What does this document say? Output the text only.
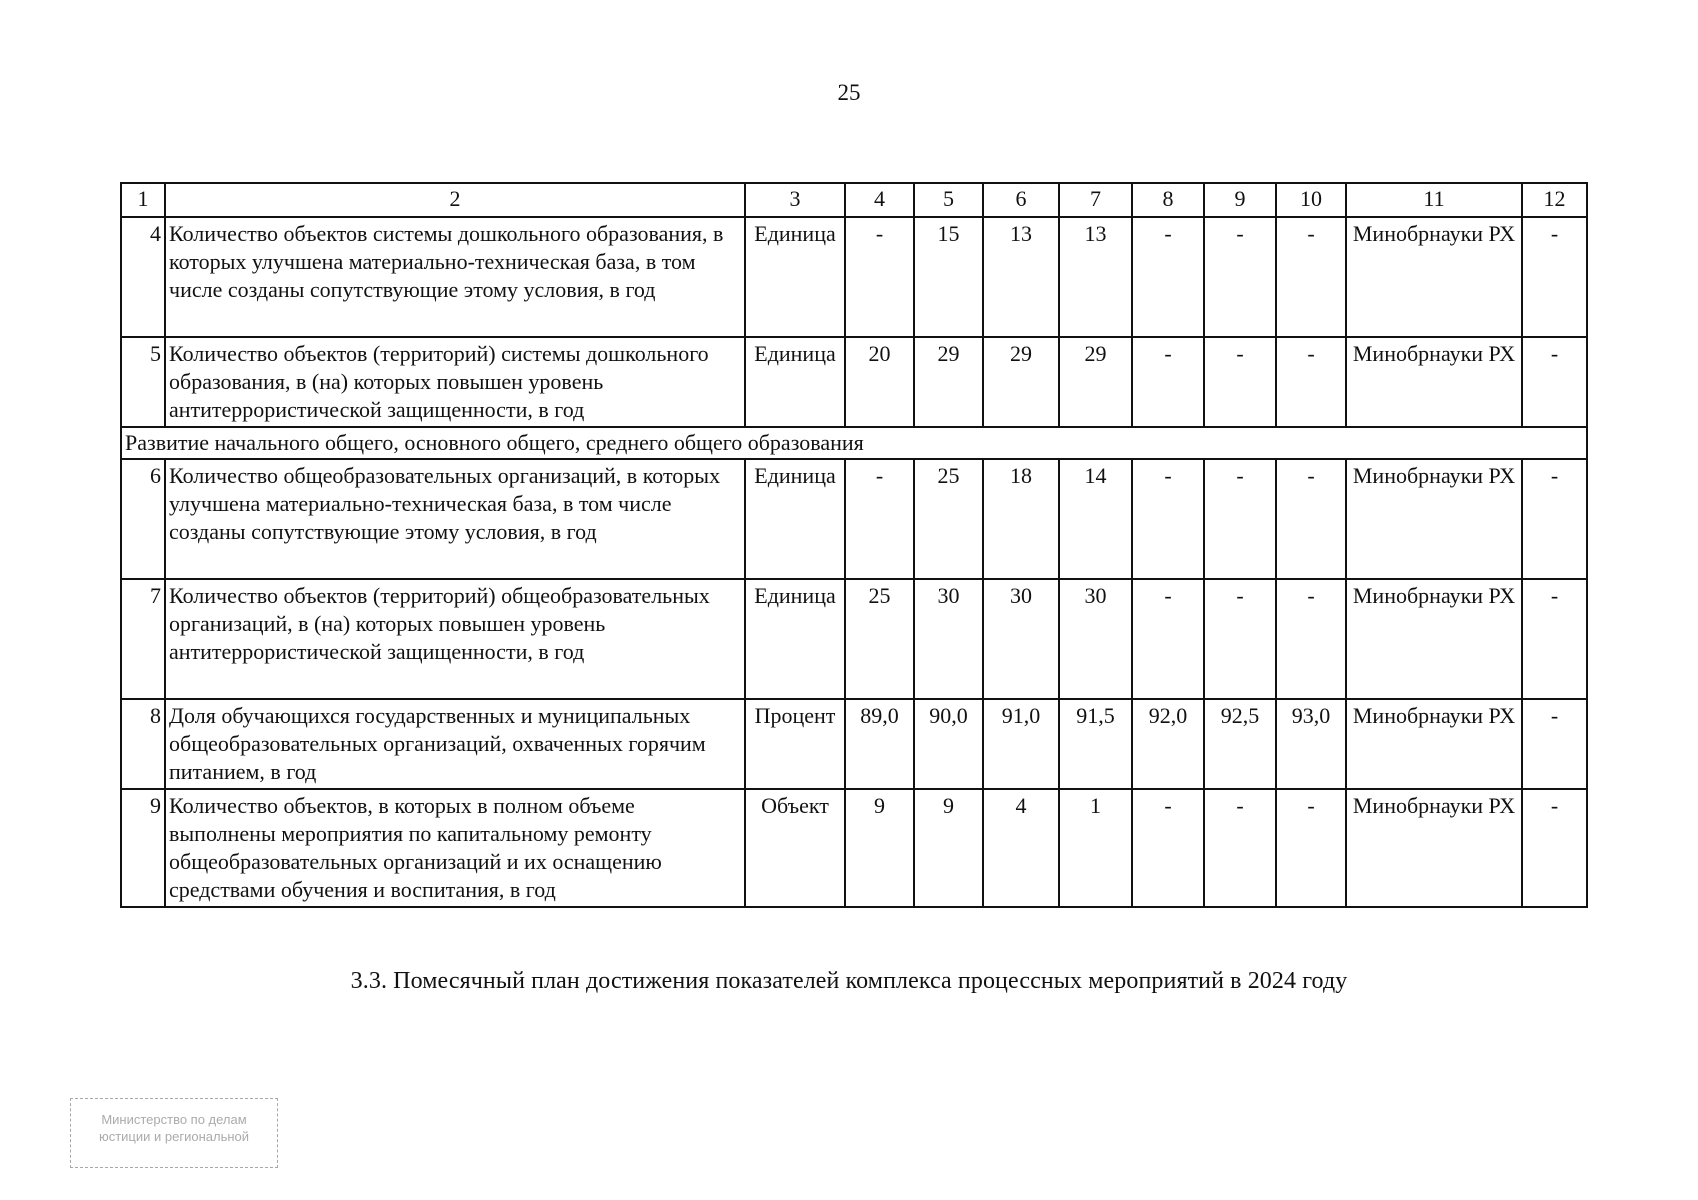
25
1	2	3	4	5	6	7	8	9	10	11	12
4	Количество объектов системы дошкольного образования, в которых улучшена материально-техническая база, в том числе созданы сопутствующие этому условия, в год	Единица	-	15	13	13	-	-	-	Минобрнауки РХ	-
5	Количество объектов (территорий) системы дошкольного образования, в (на) которых повышен уровень антитеррористической защищенности, в год	Единица	20	29	29	29	-	-	-	Минобрнауки РХ	-
Развитие начального общего, основного общего, среднего общего образования											
6	Количество общеобразовательных организаций, в которых улучшена материально-техническая база, в том числе созданы сопутствующие этому условия, в год	Единица	-	25	18	14	-	-	-	Минобрнауки РХ	-
7	Количество объектов (территорий) общеобразовательных организаций, в (на) которых повышен уровень антитеррористической защищенности, в год	Единица	25	30	30	30	-	-	-	Минобрнауки РХ	-
8	Доля обучающихся государственных и муниципальных общеобразовательных организаций, охваченных горячим питанием, в год	Процент	89,0	90,0	91,0	91,5	92,0	92,5	93,0	Минобрнауки РХ	-
9	Количество объектов, в которых в полном объеме выполнены мероприятия по капитальному ремонту общеобразовательных организаций и их оснащению средствами обучения и воспитания, в год	Объект	9	9	4	1	-	-	-	Минобрнауки РХ	-
3.3. Помесячный план достижения показателей комплекса процессных мероприятий в 2024 году
Министерство по делам
юстиции и региональной
